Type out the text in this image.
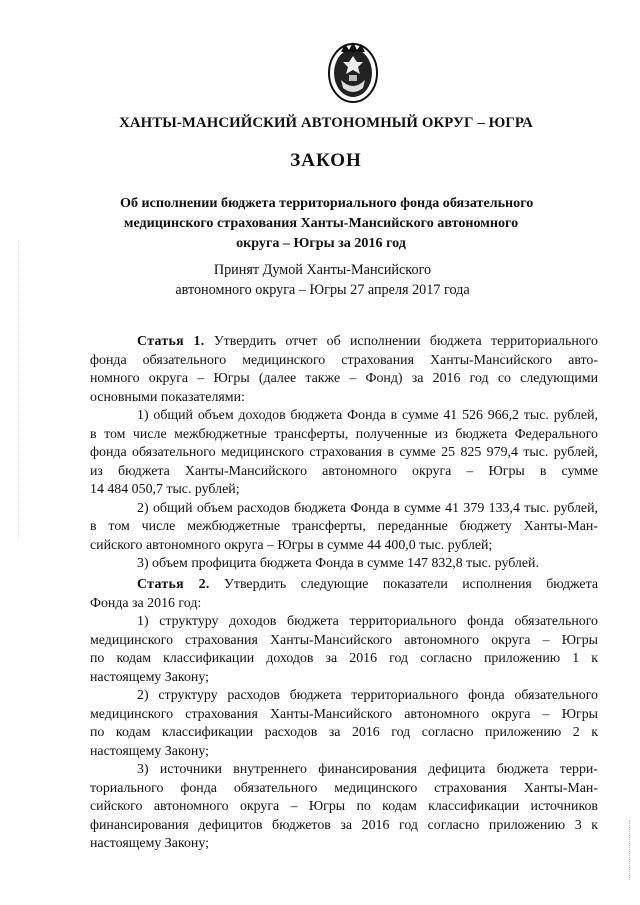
ХАНТЫ-МАНСИЙСКИЙ АВТОНОМНЫЙ ОКРУГ – ЮГРА
ЗАКОН
Об исполнении бюджета территориального фонда обязательного
медицинского страхования Ханты-Мансийского автономного
округа – Югры за 2016 год
Принят Думой Ханты-Мансийского
автономного округа – Югры 27 апреля 2017 года
Статья 1. Утвердить отчет об исполнении бюджета территориального
фонда обязательного медицинского страхования Ханты-Мансийского авто-
номного округа – Югры (далее также – Фонд) за 2016 год со следующими
основными показателями:
1) общий объем доходов бюджета Фонда в сумме 41 526 966,2 тыс. рублей,
в том числе межбюджетные трансферты, полученные из бюджета Федерального
фонда обязательного медицинского страхования в сумме 25 825 979,4 тыс. рублей,
из бюджета Ханты-Мансийского автономного округа – Югры в сумме
14 484 050,7 тыс. рублей;
2) общий объем расходов бюджета Фонда в сумме 41 379 133,4 тыс. рублей,
в том числе межбюджетные трансферты, переданные бюджету Ханты-Ман-
сийского автономного округа – Югры в сумме 44 400,0 тыс. рублей;
3) объем профицита бюджета Фонда в сумме 147 832,8 тыс. рублей.
Статья 2. Утвердить следующие показатели исполнения бюджета
Фонда за 2016 год:
1) структуру доходов бюджета территориального фонда обязательного
медицинского страхования Ханты-Мансийского автономного округа – Югры
по кодам классификации доходов за 2016 год согласно приложению 1 к
настоящему Закону;
2) структуру расходов бюджета территориального фонда обязательного
медицинского страхования Ханты-Мансийского автономного округа – Югры
по кодам классификации расходов за 2016 год согласно приложению 2 к
настоящему Закону;
3) источники внутреннего финансирования дефицита бюджета терри-
ториального фонда обязательного медицинского страхования Ханты-Ман-
сийского автономного округа – Югры по кодам классификации источников
финансирования дефицитов бюджетов за 2016 год согласно приложению 3 к
настоящему Закону;
